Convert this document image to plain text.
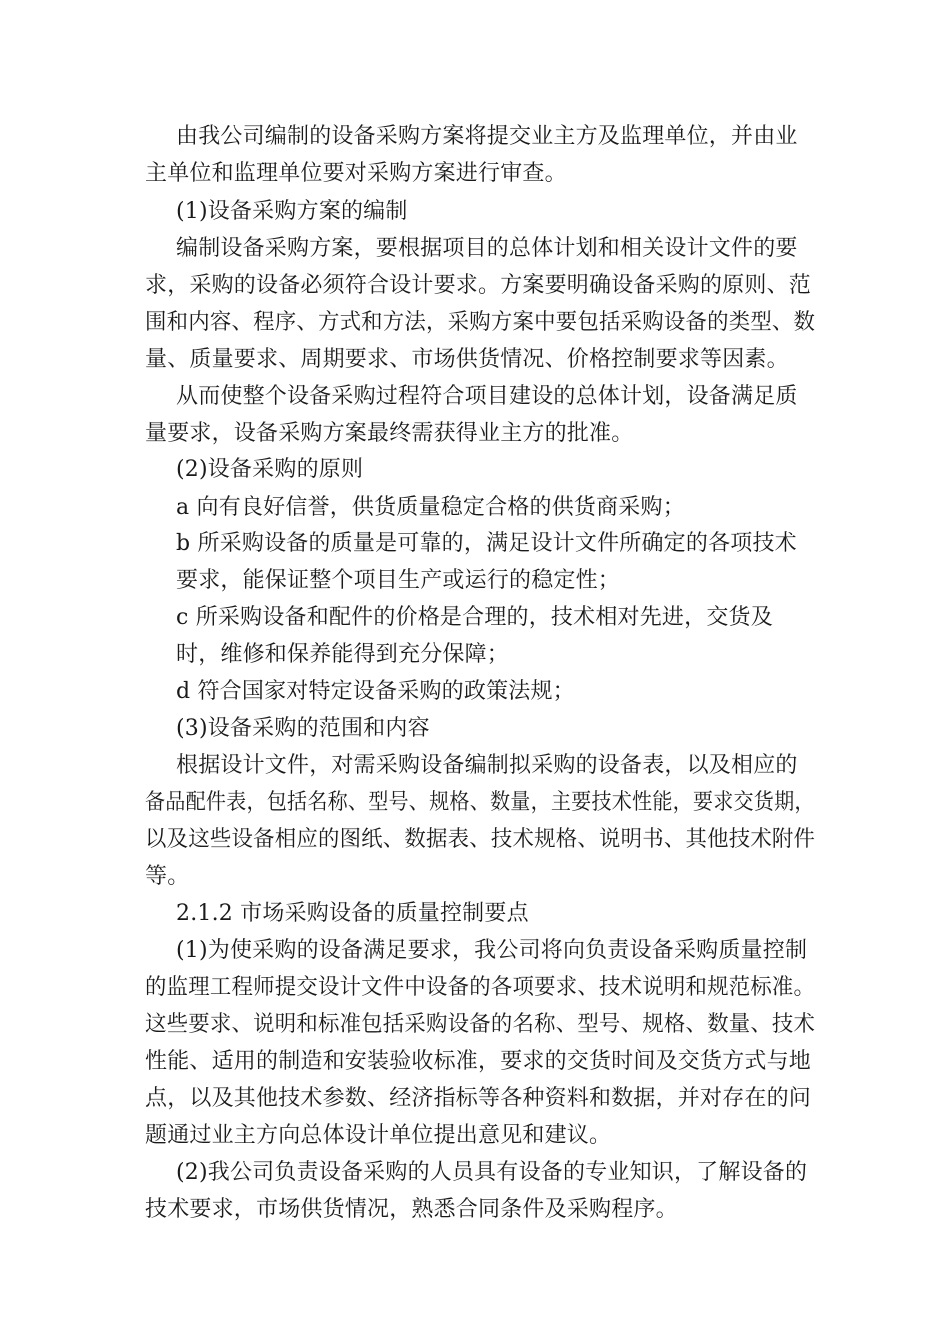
由我公司编制的设备采购方案将提交业主方及监理单位，并由业
主单位和监理单位要对采购方案进行审查。
(1)设备采购方案的编制
编制设备采购方案，要根据项目的总体计划和相关设计文件的要
求，采购的设备必须符合设计要求。方案要明确设备采购的原则、范
围和内容、程序、方式和方法，采购方案中要包括采购设备的类型、数
量、质量要求、周期要求、市场供货情况、价格控制要求等因素。
从而使整个设备采购过程符合项目建设的总体计划，设备满足质
量要求，设备采购方案最终需获得业主方的批准。
(2)设备采购的原则
a 向有良好信誉，供货质量稳定合格的供货商采购；
b 所采购设备的质量是可靠的，满足设计文件所确定的各项技术
要求，能保证整个项目生产或运行的稳定性；
c 所采购设备和配件的价格是合理的，技术相对先进，交货及
时，维修和保养能得到充分保障；
d 符合国家对特定设备采购的政策法规；
(3)设备采购的范围和内容
根据设计文件，对需采购设备编制拟采购的设备表，以及相应的
备品配件表，包括名称、型号、规格、数量，主要技术性能，要求交货期，
以及这些设备相应的图纸、数据表、技术规格、说明书、其他技术附件
等。
2.1.2 市场采购设备的质量控制要点
(1)为使采购的设备满足要求，我公司将向负责设备采购质量控制
的监理工程师提交设计文件中设备的各项要求、技术说明和规范标准。
这些要求、说明和标准包括采购设备的名称、型号、规格、数量、技术
性能、适用的制造和安装验收标准，要求的交货时间及交货方式与地
点，以及其他技术参数、经济指标等各种资料和数据，并对存在的问
题通过业主方向总体设计单位提出意见和建议。
(2)我公司负责设备采购的人员具有设备的专业知识，了解设备的
技术要求，市场供货情况，熟悉合同条件及采购程序。
